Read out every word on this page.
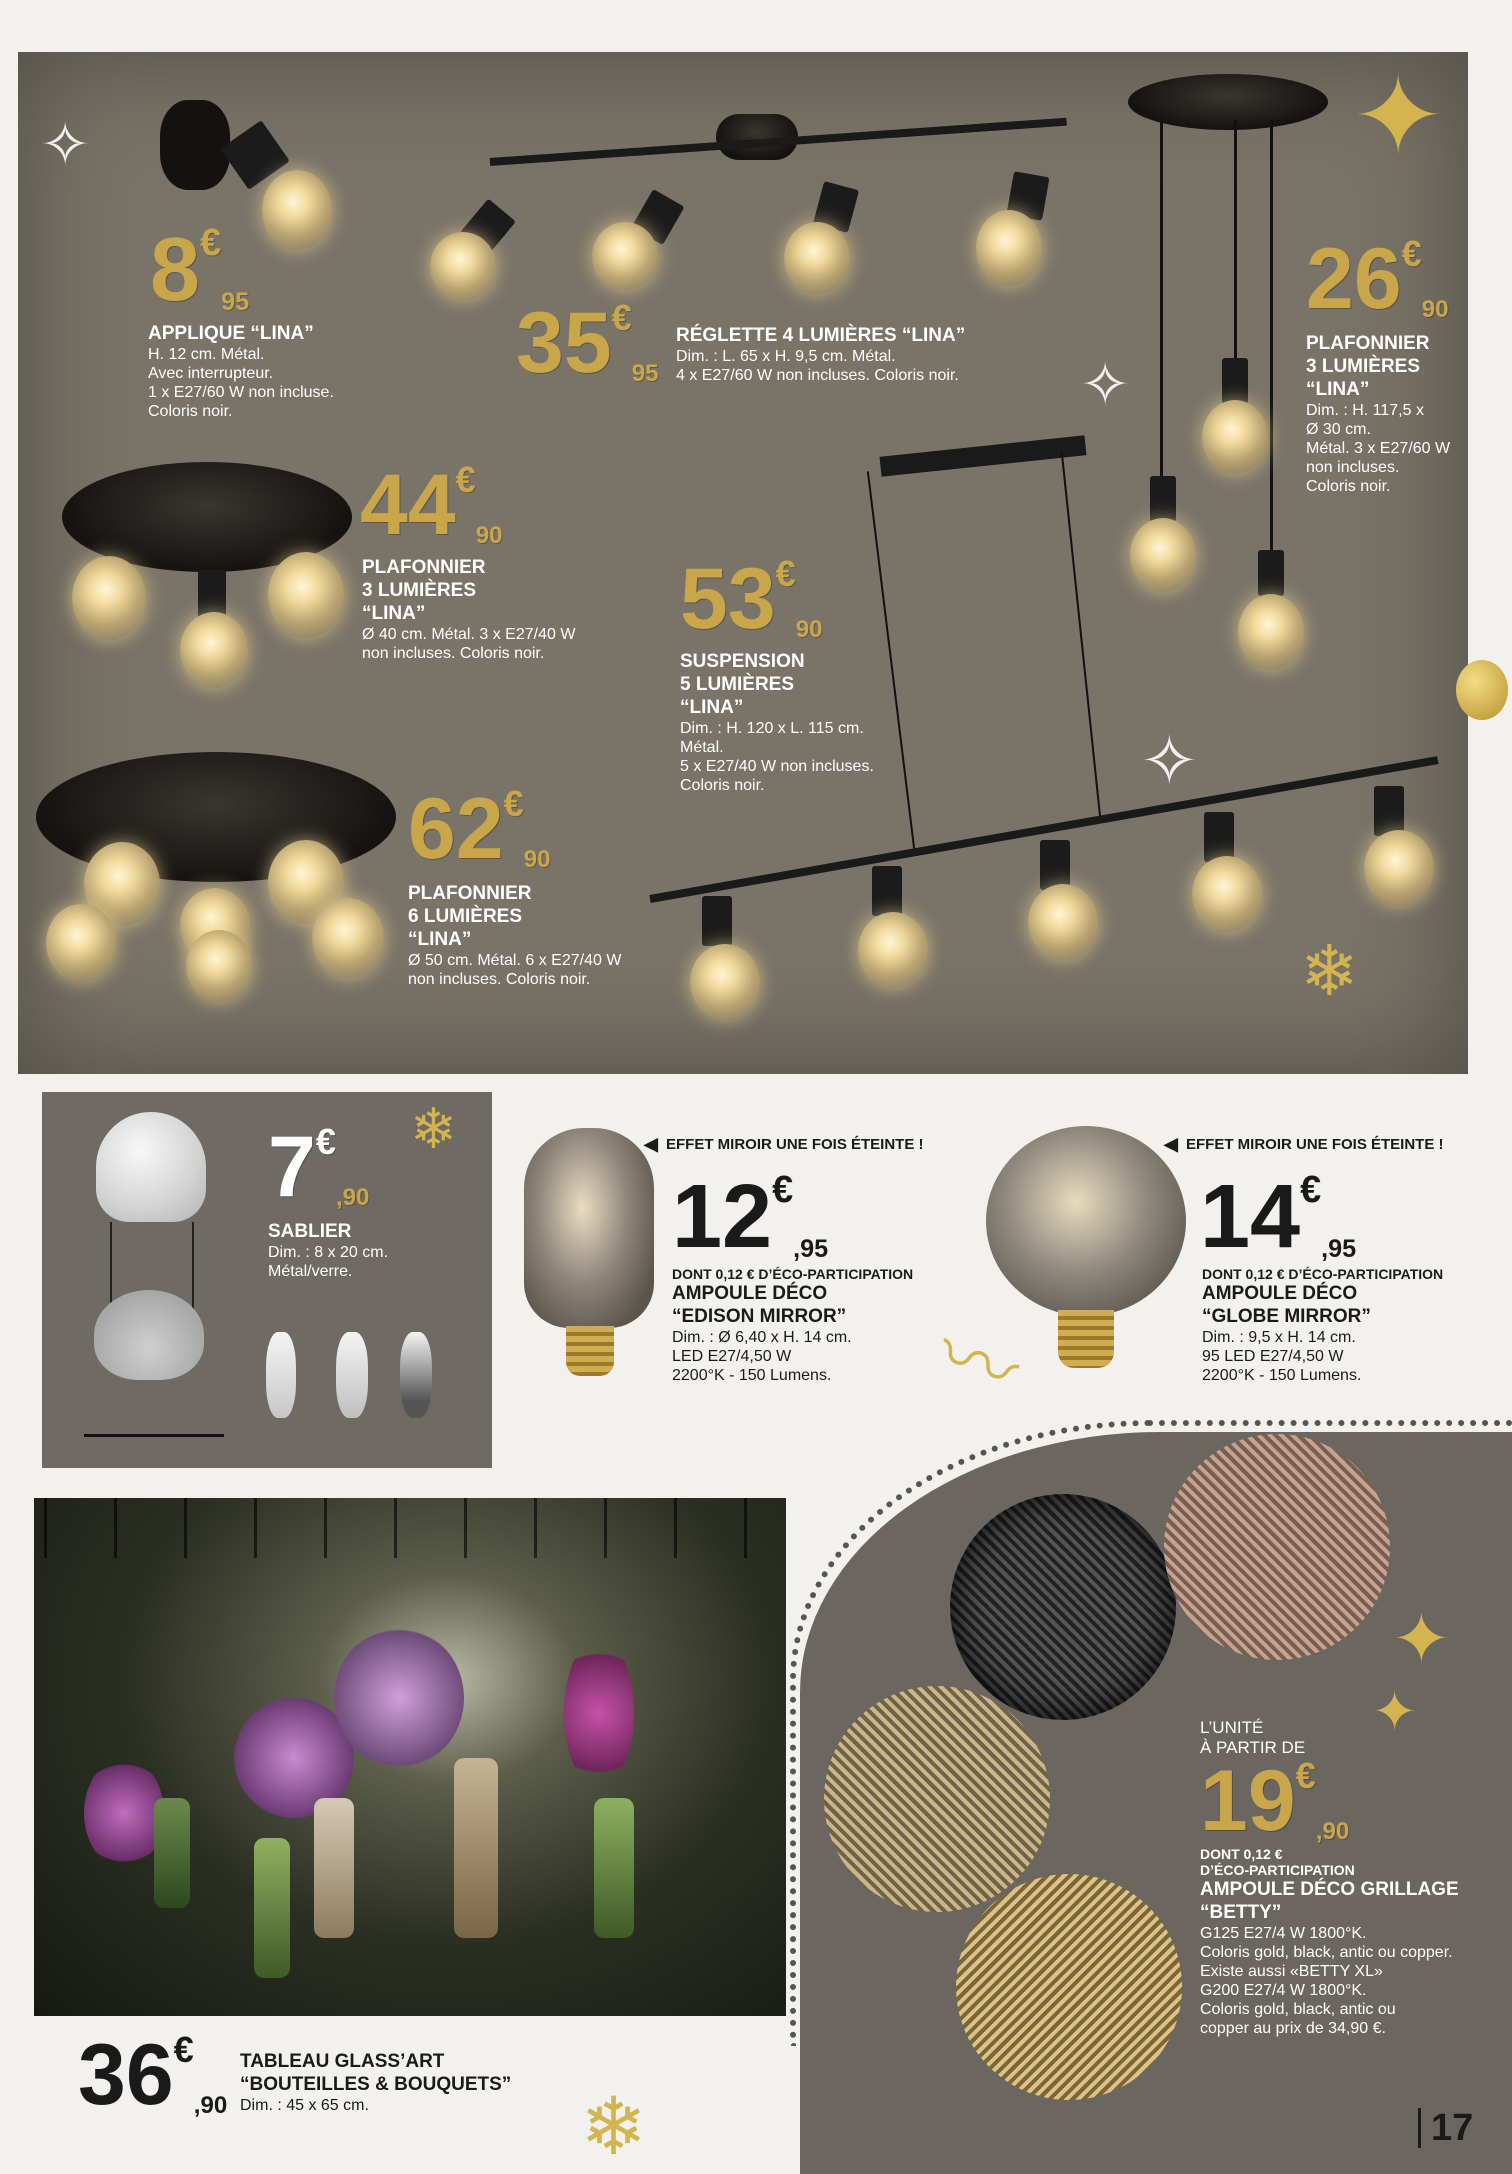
✦
✧
✧
✧
❄
8€95
APPLIQUE “LINA”
H. 12 cm. Métal.
Avec interrupteur.
1 x E27/60 W non incluse.
Coloris noir.
35€95
RÉGLETTE 4 LUMIÈRES “LINA”
Dim. : L. 65 x H. 9,5 cm. Métal.
4 x E27/60 W non incluses. Coloris noir.
26€90
PLAFONNIER
3 LUMIÈRES
“LINA”
Dim. : H. 117,5 x
Ø 30 cm.
Métal. 3 x E27/60 W
non incluses.
Coloris noir.
44€90
PLAFONNIER
3 LUMIÈRES
“LINA”
Ø 40 cm. Métal. 3 x E27/40 W
non incluses. Coloris noir.
53€90
SUSPENSION
5 LUMIÈRES
“LINA”
Dim. : H. 120 x L. 115 cm.
Métal.
5 x E27/40 W non incluses.
Coloris noir.
62€90
PLAFONNIER
6 LUMIÈRES
“LINA”
Ø 50 cm. Métal. 6 x E27/40 W
non incluses. Coloris noir.
❄
7€,90
SABLIER
Dim. : 8 x 20 cm.
Métal/verre.
◀ EFFET MIROIR UNE FOIS ÉTEINTE !
12€,95
DONT 0,12 € D’ÉCO-PARTICIPATION
AMPOULE DÉCO
“EDISON MIRROR”
Dim. : Ø 6,40 x H. 14 cm.
LED E27/4,50 W
2200°K - 150 Lumens.	〰
◀ EFFET MIROIR UNE FOIS ÉTEINTE !
14€,95
DONT 0,12 € D’ÉCO-PARTICIPATION
AMPOULE DÉCO
“GLOBE MIRROR”
Dim. : 9,5 x H. 14 cm.
95 LED E27/4,50 W
2200°K - 150 Lumens.
✦
✦
L’UNITÉ
À PARTIR DE
19€,90
DONT 0,12 €
D’ÉCO-PARTICIPATION
AMPOULE DÉCO GRILLAGE
“BETTY”
G125 E27/4 W 1800°K.
Coloris gold, black, antic ou copper.
Existe aussi «BETTY XL»
G200 E27/4 W 1800°K.
Coloris gold, black, antic ou
copper au prix de 34,90 €.
36€,90
TABLEAU GLASS’ART
“BOUTEILLES & BOUQUETS”
Dim. : 45 x 65 cm.	❄	17
